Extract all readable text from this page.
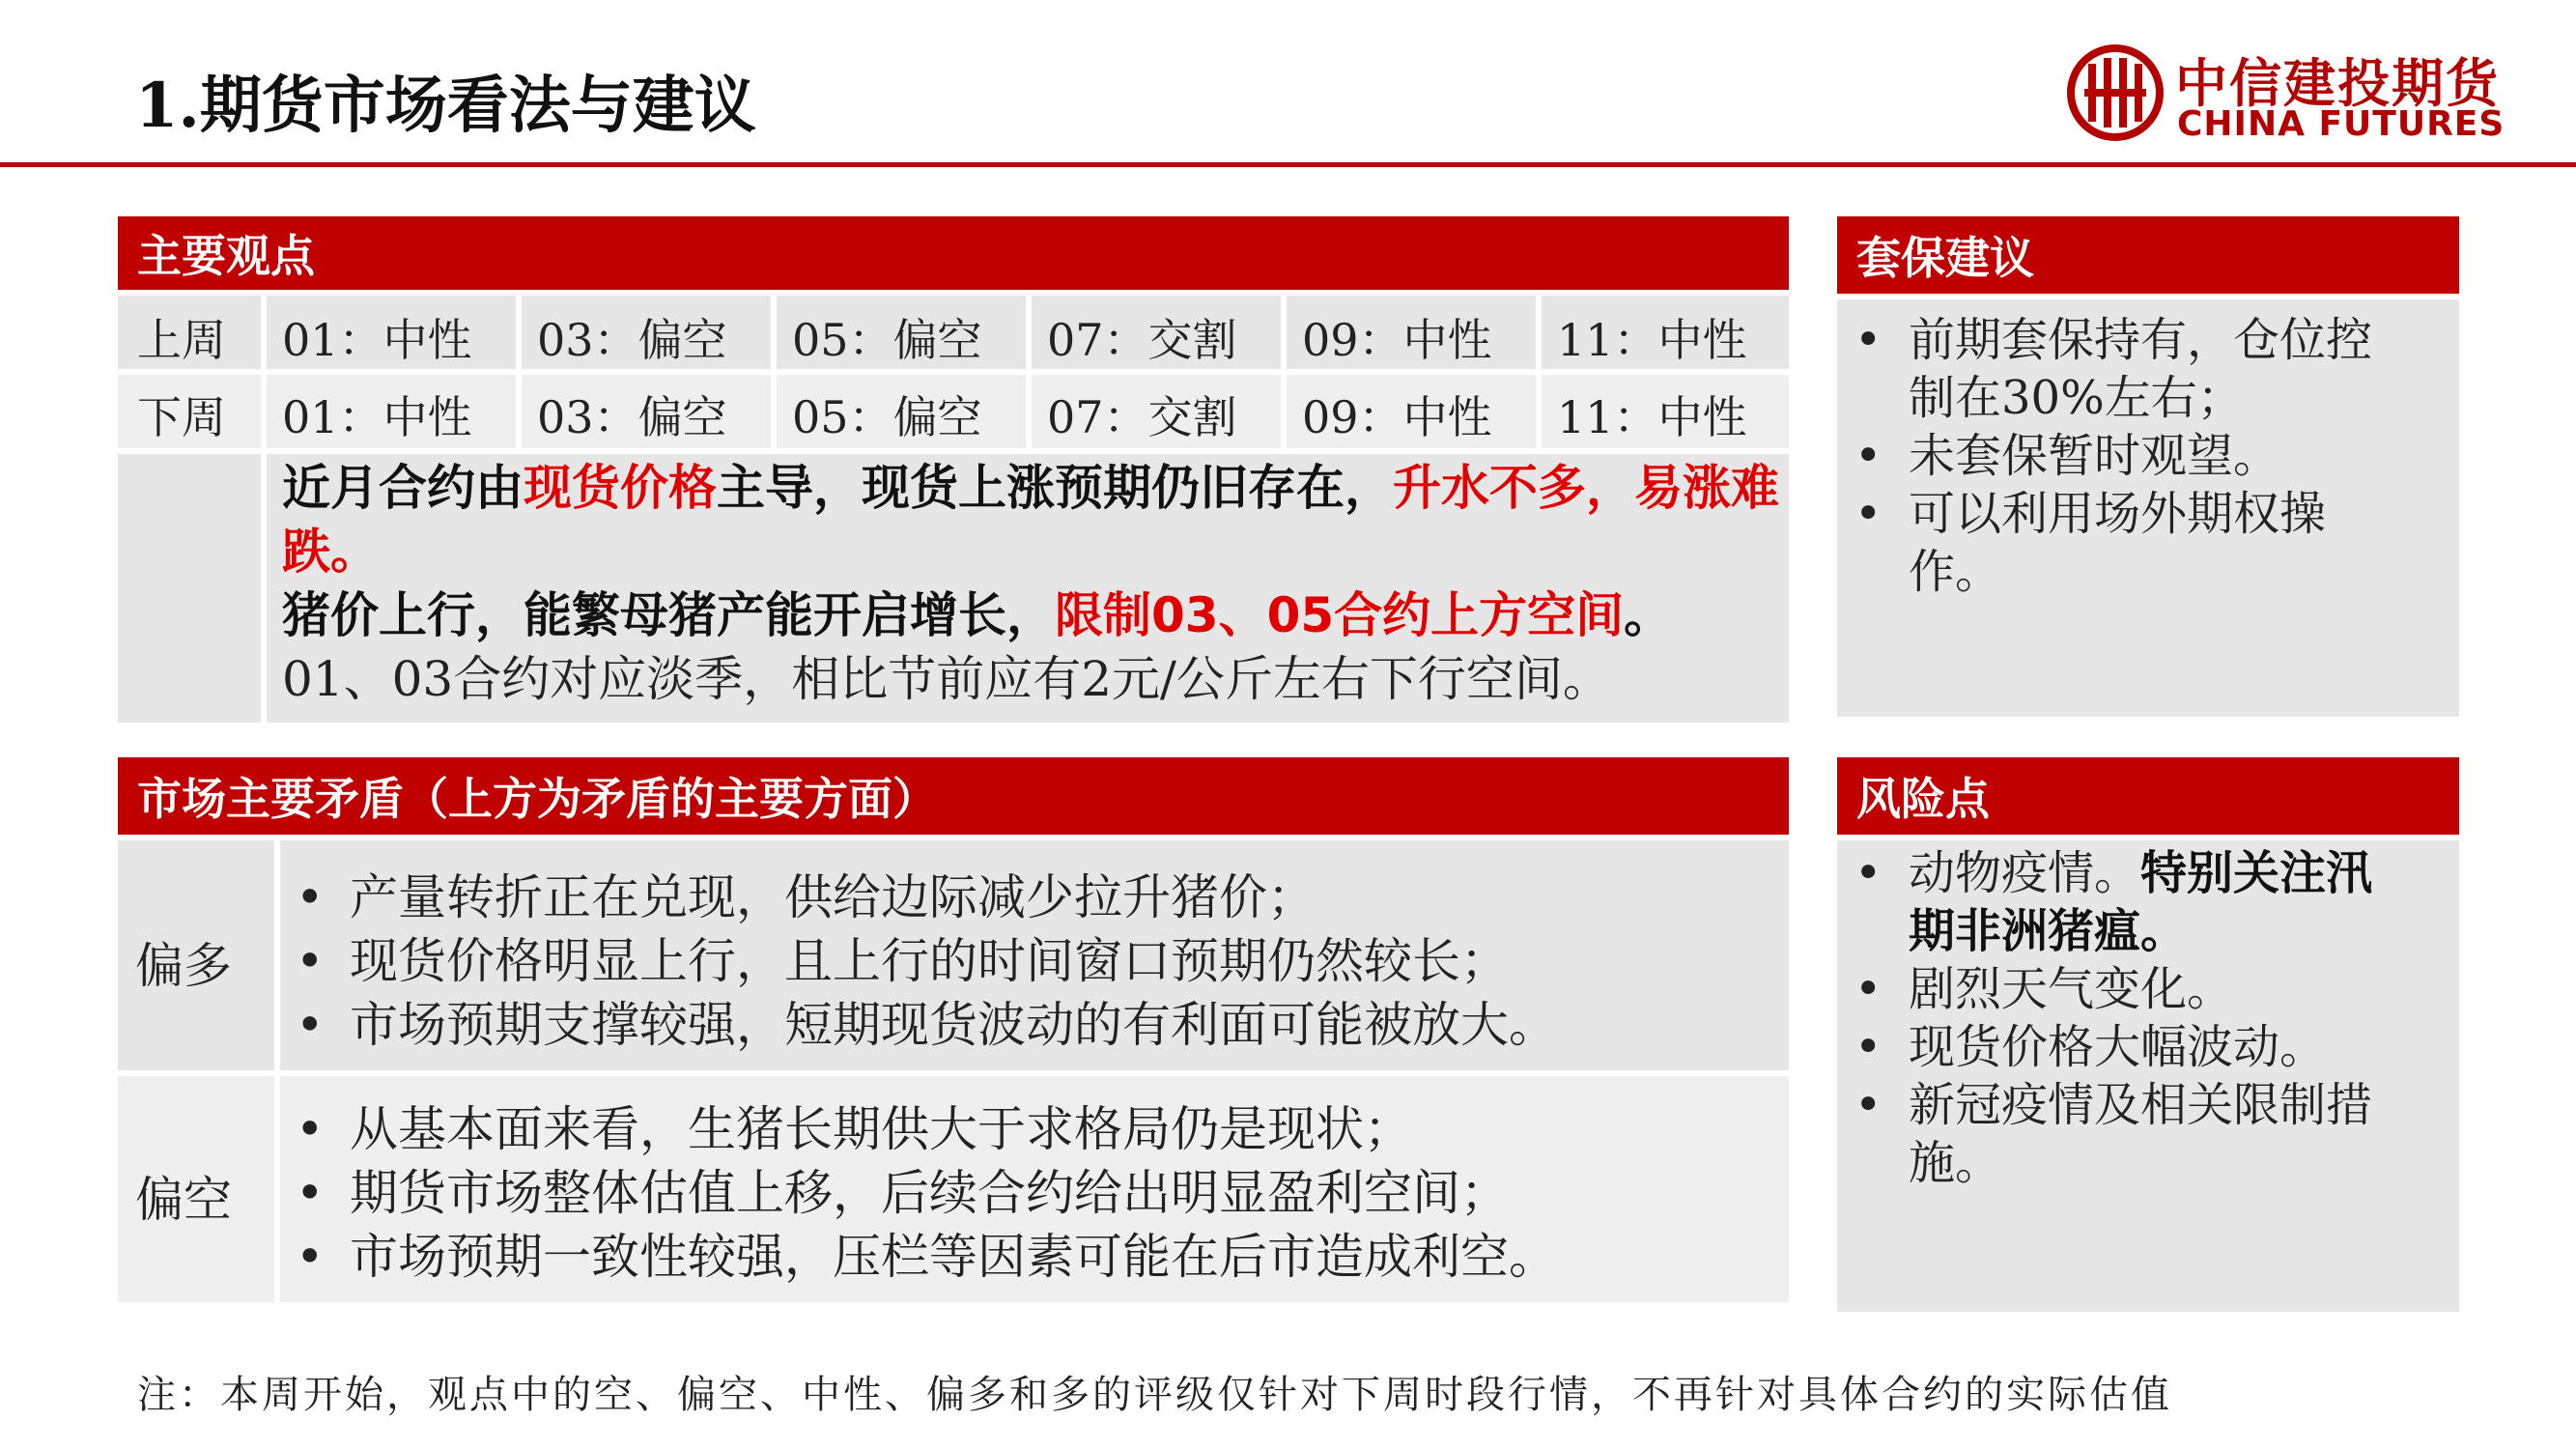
1.期货市场看法与建议	中信建投期货
CHINA FUTURES
主要观点
上周 01：中性 03：偏空 05：偏空 07：交割 09：中性 11：中性
下周 01：中性 03：偏空 05：偏空 07：交割 09：中性 11：中性
近月合约由现货价格主导，现货上涨预期仍旧存在，升水不多，易涨难跌。
猪价上行，能繁母猪产能开启增长，限制03、05合约上方空间。
01、03合约对应淡季，相比节前应有2元/公斤左右下行空间。
市场主要矛盾（上方为矛盾的主要方面）
偏多
• 产量转折正在兑现，供给边际减少拉升猪价；
• 现货价格明显上行，且上行的时间窗口预期仍然较长；
• 市场预期支撑较强，短期现货波动的有利面可能被放大。
偏空
• 从基本面来看，生猪长期供大于求格局仍是现状；
• 期货市场整体估值上移，后续合约给出明显盈利空间；
• 市场预期一致性较强，压栏等因素可能在后市造成利空。
套保建议
• 前期套保持有，仓位控制在30%左右；
• 未套保暂时观望。
• 可以利用场外期权操作。
风险点
• 动物疫情。特别关注汛期非洲猪瘟。
• 剧烈天气变化。
• 现货价格大幅波动。
• 新冠疫情及相关限制措施。
注：本周开始，观点中的空、偏空、中性、偏多和多的评级仅针对下周时段行情，不再针对具体合约的实际估值
